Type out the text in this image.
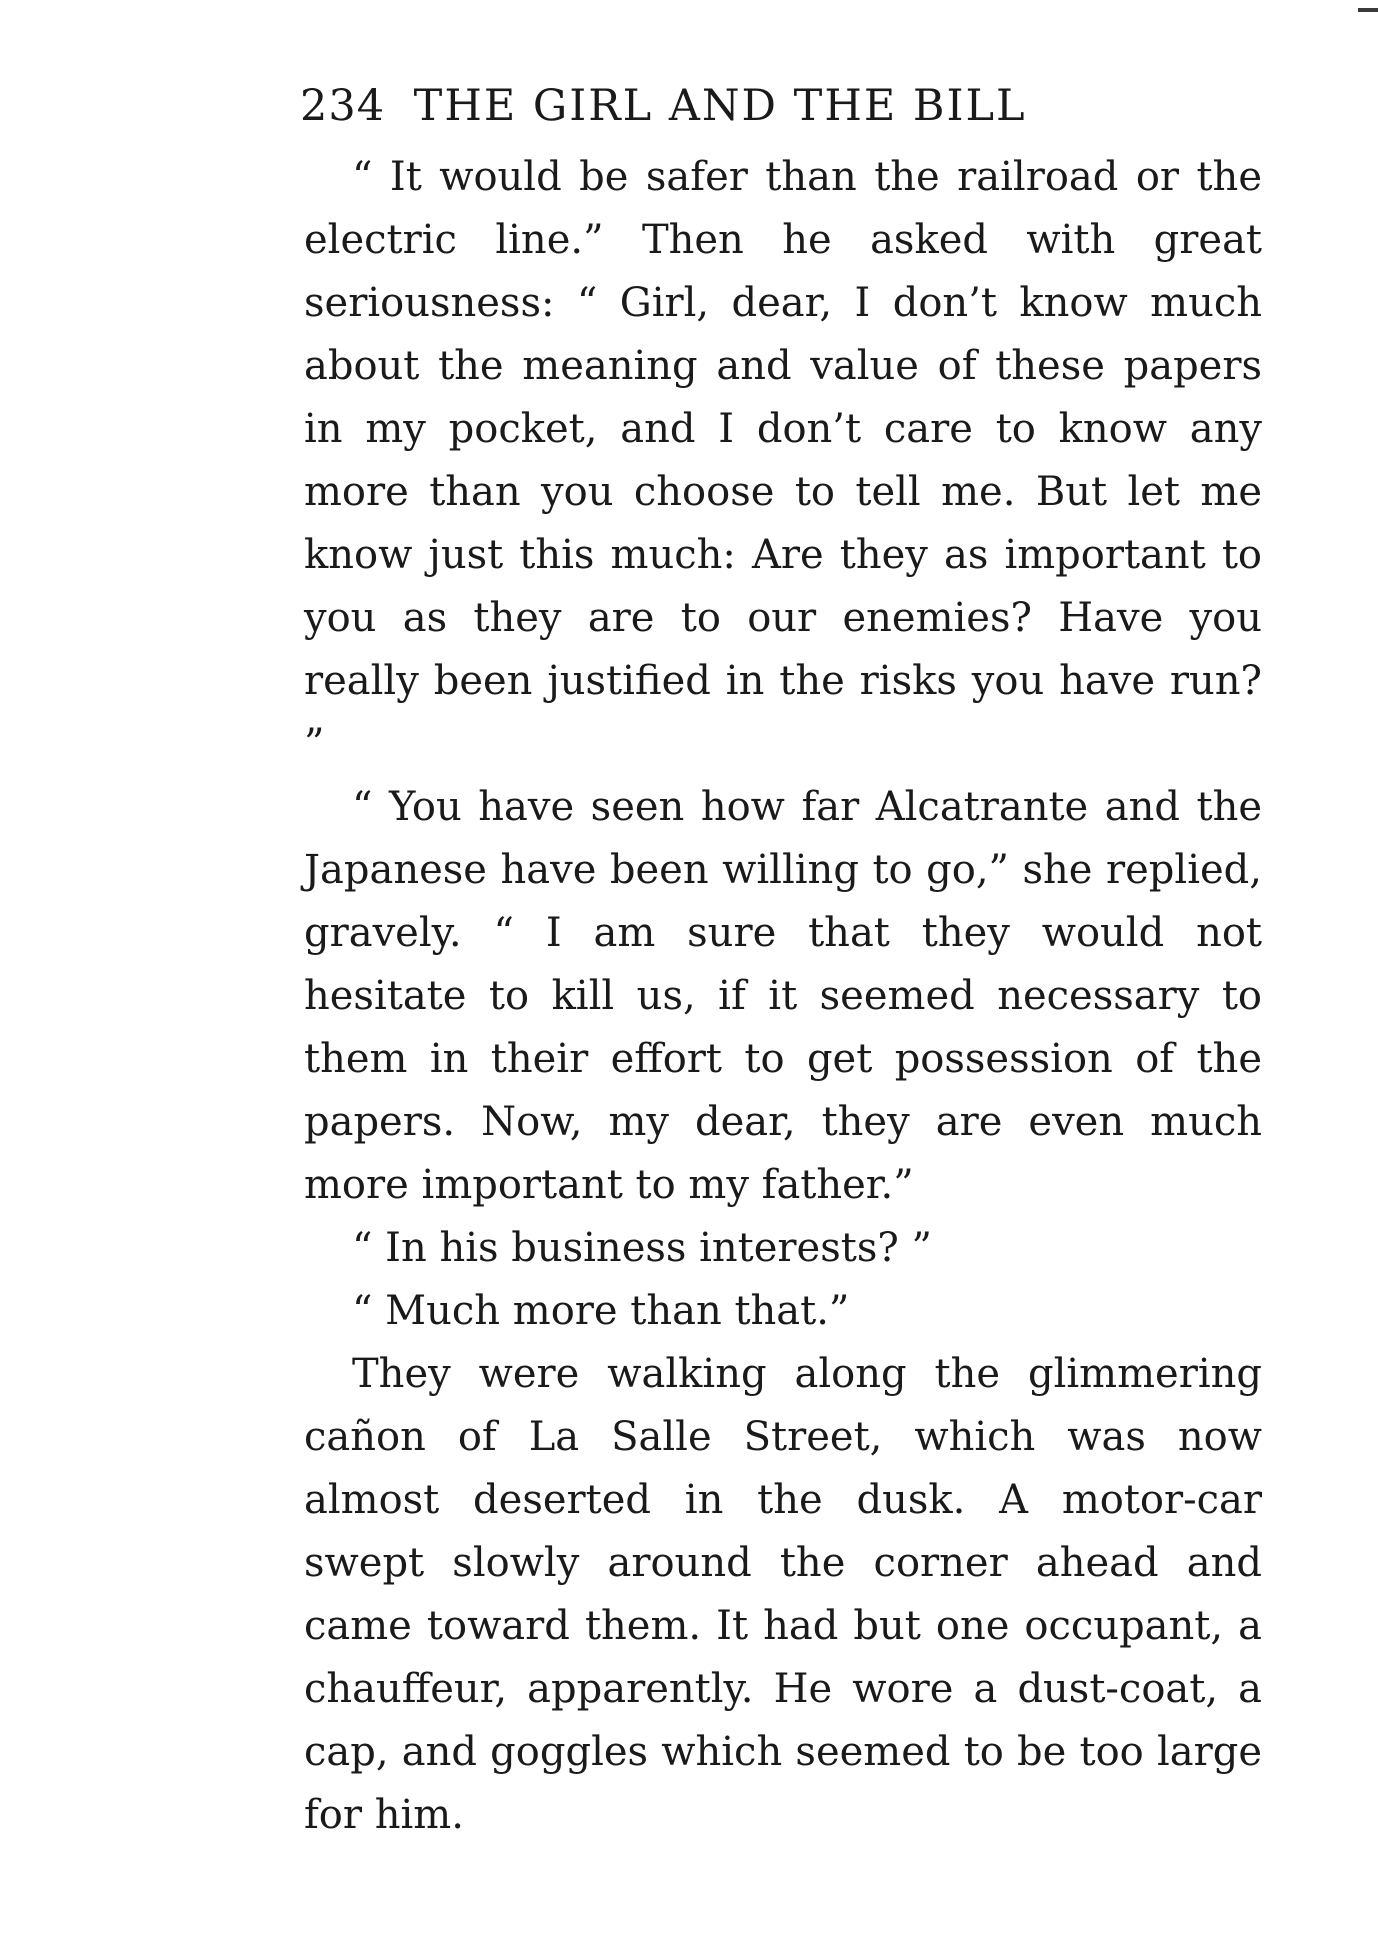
234 THE GIRL AND THE BILL

“ It would be safer than the railroad or the electric line.” Then he asked with great seriousness: “ Girl, dear, I don’t know much about the meaning and value of these papers in my pocket, and I don’t care to know any more than you choose to tell me. But let me know just this much: Are they as important to you as they are to our enemies? Have you really been justified in the risks you have run? ”

“ You have seen how far Alcatrante and the Japanese have been willing to go,” she replied, gravely. “ I am sure that they would not hesitate to kill us, if it seemed necessary to them in their effort to get possession of the papers. Now, my dear, they are even much more important to my father.”

“ In his business interests? ”

“ Much more than that.”

They were walking along the glimmering cañon of La Salle Street, which was now almost deserted in the dusk. A motor-car swept slowly around the corner ahead and came toward them. It had but one occupant, a chauffeur, apparently. He wore a dust-coat, a cap, and goggles which seemed to be too large for him.
